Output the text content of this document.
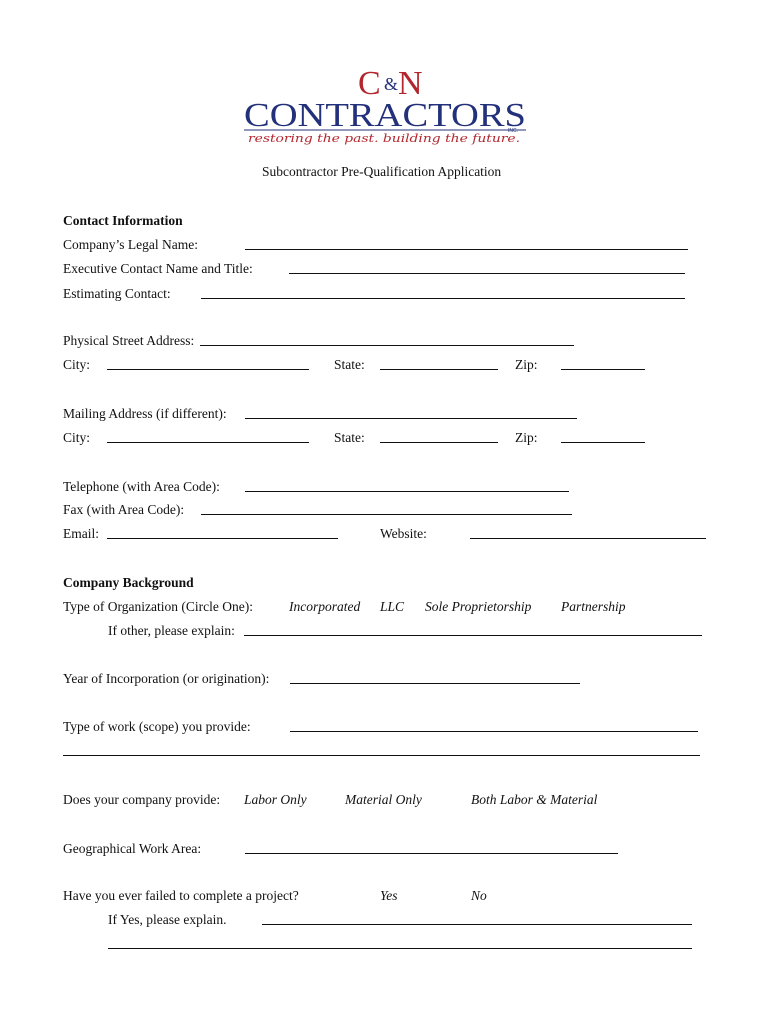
C & N
CONTRACTORS
INC.
restoring the past. building the future.
Subcontractor Pre-Qualification Application
Contact Information
Company’s Legal Name:
Executive Contact Name and Title:
Estimating Contact:
Physical Street Address:
City:	State:	Zip:
Mailing Address (if different):
City:	State:	Zip:
Telephone (with Area Code):
Fax (with Area Code):
Email:	Website:
Company Background
Type of Organization (Circle One):	Incorporated LLC Sole Proprietorship Partnership
If other, please explain:
Year of Incorporation (or origination):
Type of work (scope) you provide:
Does your company provide: Labor Only	Material Only	Both Labor & Material
Geographical Work Area:
Have you ever failed to complete a project?	Yes	No
If Yes, please explain.
